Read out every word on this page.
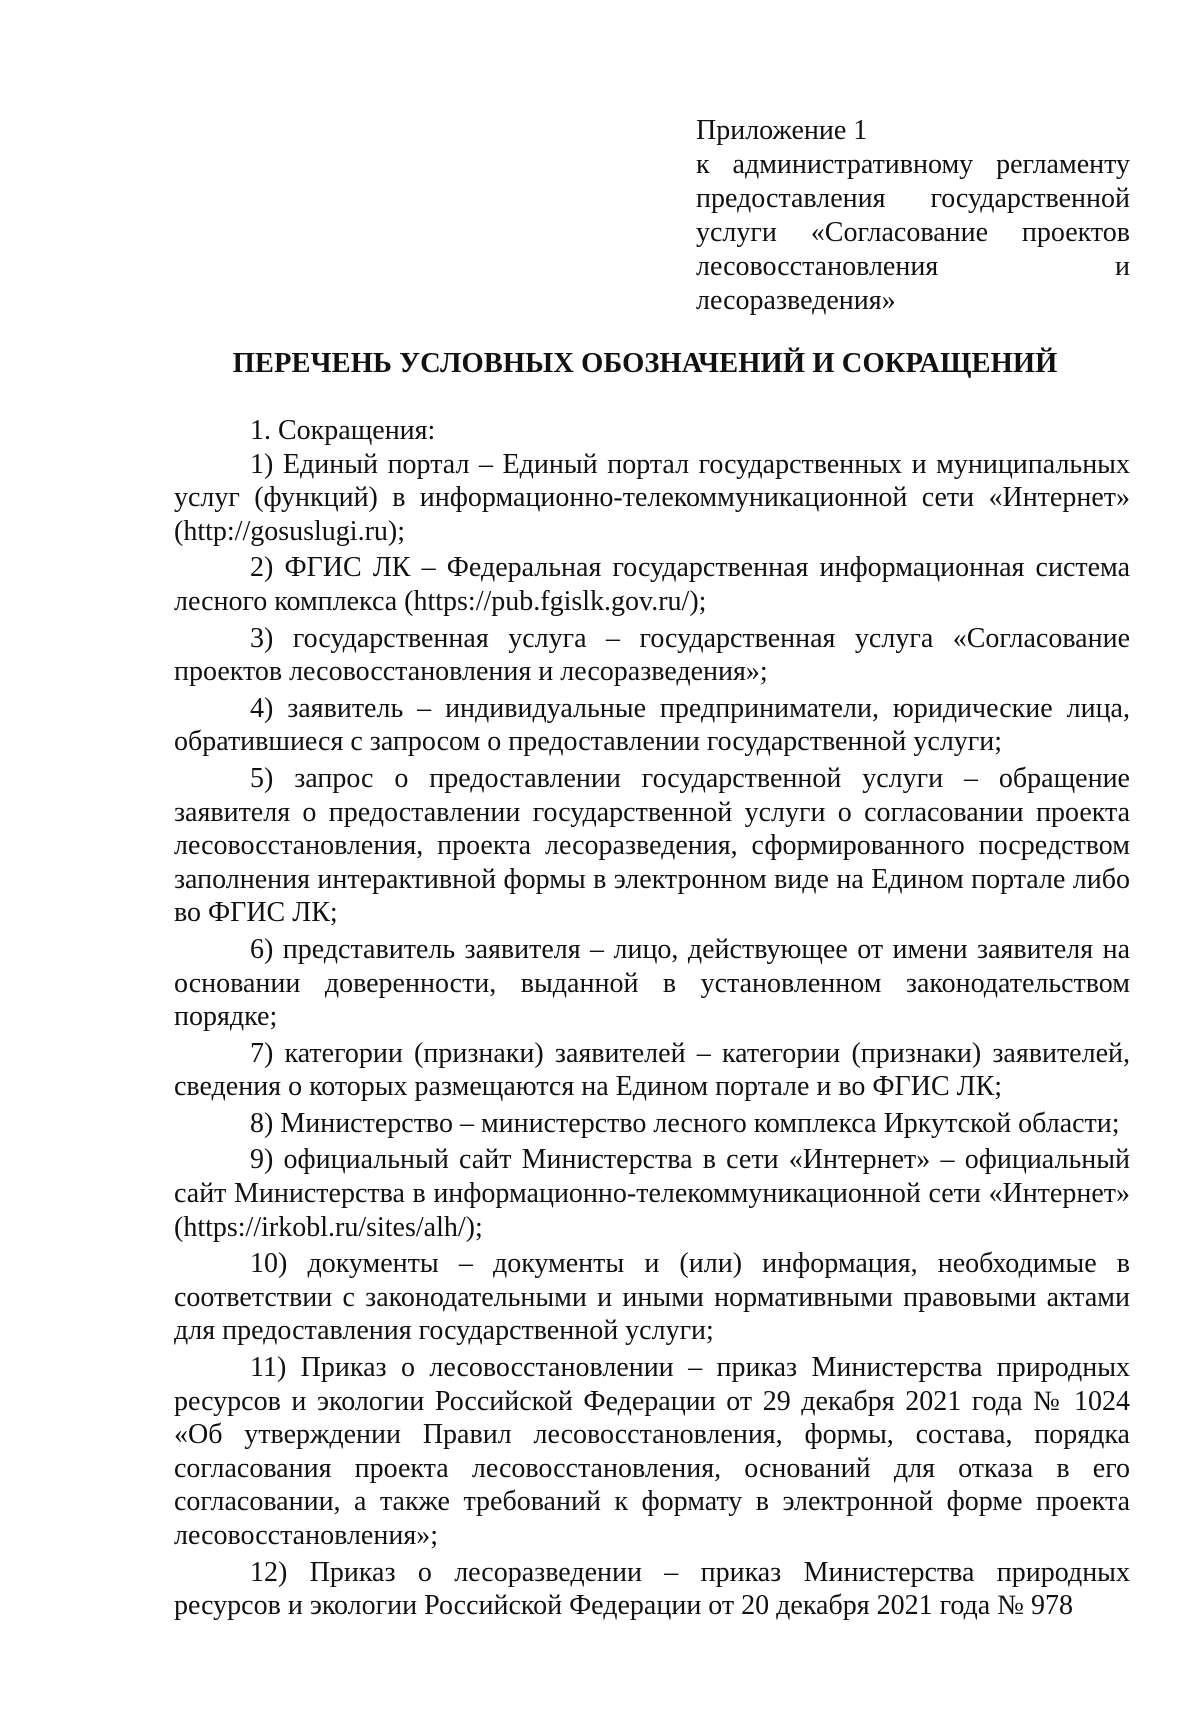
Приложение 1
к административному регламенту предоставления государственной услуги «Согласование проектов лесовосстановления и лесоразведения»
ПЕРЕЧЕНЬ УСЛОВНЫХ ОБОЗНАЧЕНИЙ И СОКРАЩЕНИЙ

1. Сокращения:

1) Единый портал – Единый портал государственных и муниципальных услуг (функций) в информационно-телекоммуникационной сети «Интернет» (http://gosuslugi.ru);

2) ФГИС ЛК – Федеральная государственная информационная система лесного комплекса (https://pub.fgislk.gov.ru/);

3) государственная услуга – государственная услуга «Согласование проектов лесовосстановления и лесоразведения»;

4) заявитель – индивидуальные предприниматели, юридические лица, обратившиеся с запросом о предоставлении государственной услуги;

5) запрос о предоставлении государственной услуги – обращение заявителя о предоставлении государственной услуги о согласовании проекта лесовосстановления, проекта лесоразведения, сформированного посредством заполнения интерактивной формы в электронном виде на Едином портале либо во ФГИС ЛК;

6) представитель заявителя – лицо, действующее от имени заявителя на основании доверенности, выданной в установленном законодательством порядке;

7) категории (признаки) заявителей – категории (признаки) заявителей, сведения о которых размещаются на Едином портале и во ФГИС ЛК;

8) Министерство – министерство лесного комплекса Иркутской области;

9) официальный сайт Министерства в сети «Интернет» – официальный сайт Министерства в информационно-телекоммуникационной сети «Интернет» (https://irkobl.ru/sites/alh/);

10) документы – документы и (или) информация, необходимые в соответствии с законодательными и иными нормативными правовыми актами для предоставления государственной услуги;

11) Приказ о лесовосстановлении – приказ Министерства природных ресурсов и экологии Российской Федерации от 29 декабря 2021 года № 1024 «Об утверждении Правил лесовосстановления, формы, состава, порядка согласования проекта лесовосстановления, оснований для отказа в его согласовании, а также требований к формату в электронной форме проекта лесовосстановления»;

12) Приказ о лесоразведении – приказ Министерства природных ресурсов и экологии Российской Федерации от 20 декабря 2021 года № 978
